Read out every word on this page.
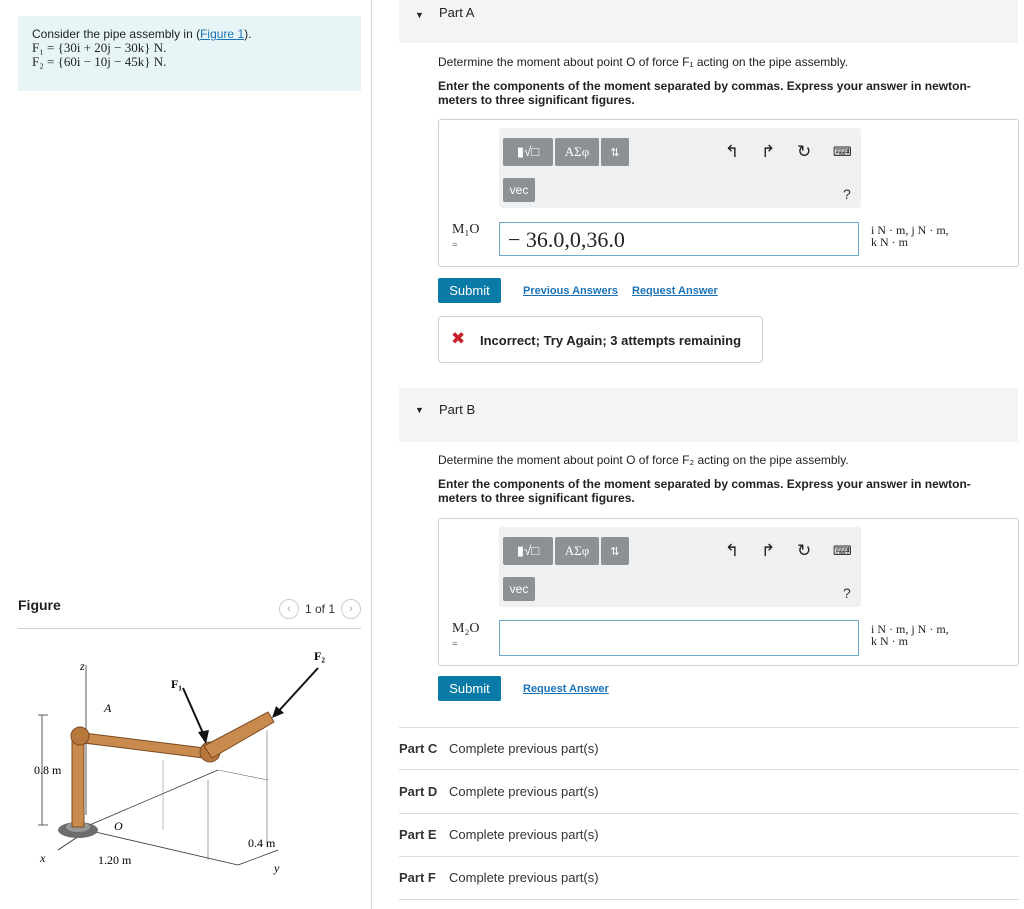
Consider the pipe assembly in (Figure 1).
F₁ = {30i + 20j − 30k} N.
F₂ = {60i − 10j − 45k} N.
Figure	‹	1 of 1	›
z
A
F₁
F₂
0.8 m
O
x	1.20 m
0.4 m
y
▼ Part A
Determine the moment about point O of force F₁ acting on the pipe assembly.
Enter the components of the moment separated by commas. Express your answer in newton-meters to three significant figures.
▮√□	ΑΣφ	⇅
vec
↰ ↱ ↻ ⌨
?
M₁O
=	− 36.0,0,36.0	i N · m, j N · m,
k N · m
Submit	Previous Answers Request Answer
✖ Incorrect; Try Again; 3 attempts remaining
▼ Part B
Determine the moment about point O of force F₂ acting on the pipe assembly.
Enter the components of the moment separated by commas. Express your answer in newton-meters to three significant figures.
▮√□	ΑΣφ	⇅
vec
↰ ↱ ↻ ⌨
?
M₂O
=
i N · m, j N · m,
k N · m
Submit	Request Answer
Part C Complete previous part(s)
Part D Complete previous part(s)
Part E Complete previous part(s)
Part F Complete previous part(s)
